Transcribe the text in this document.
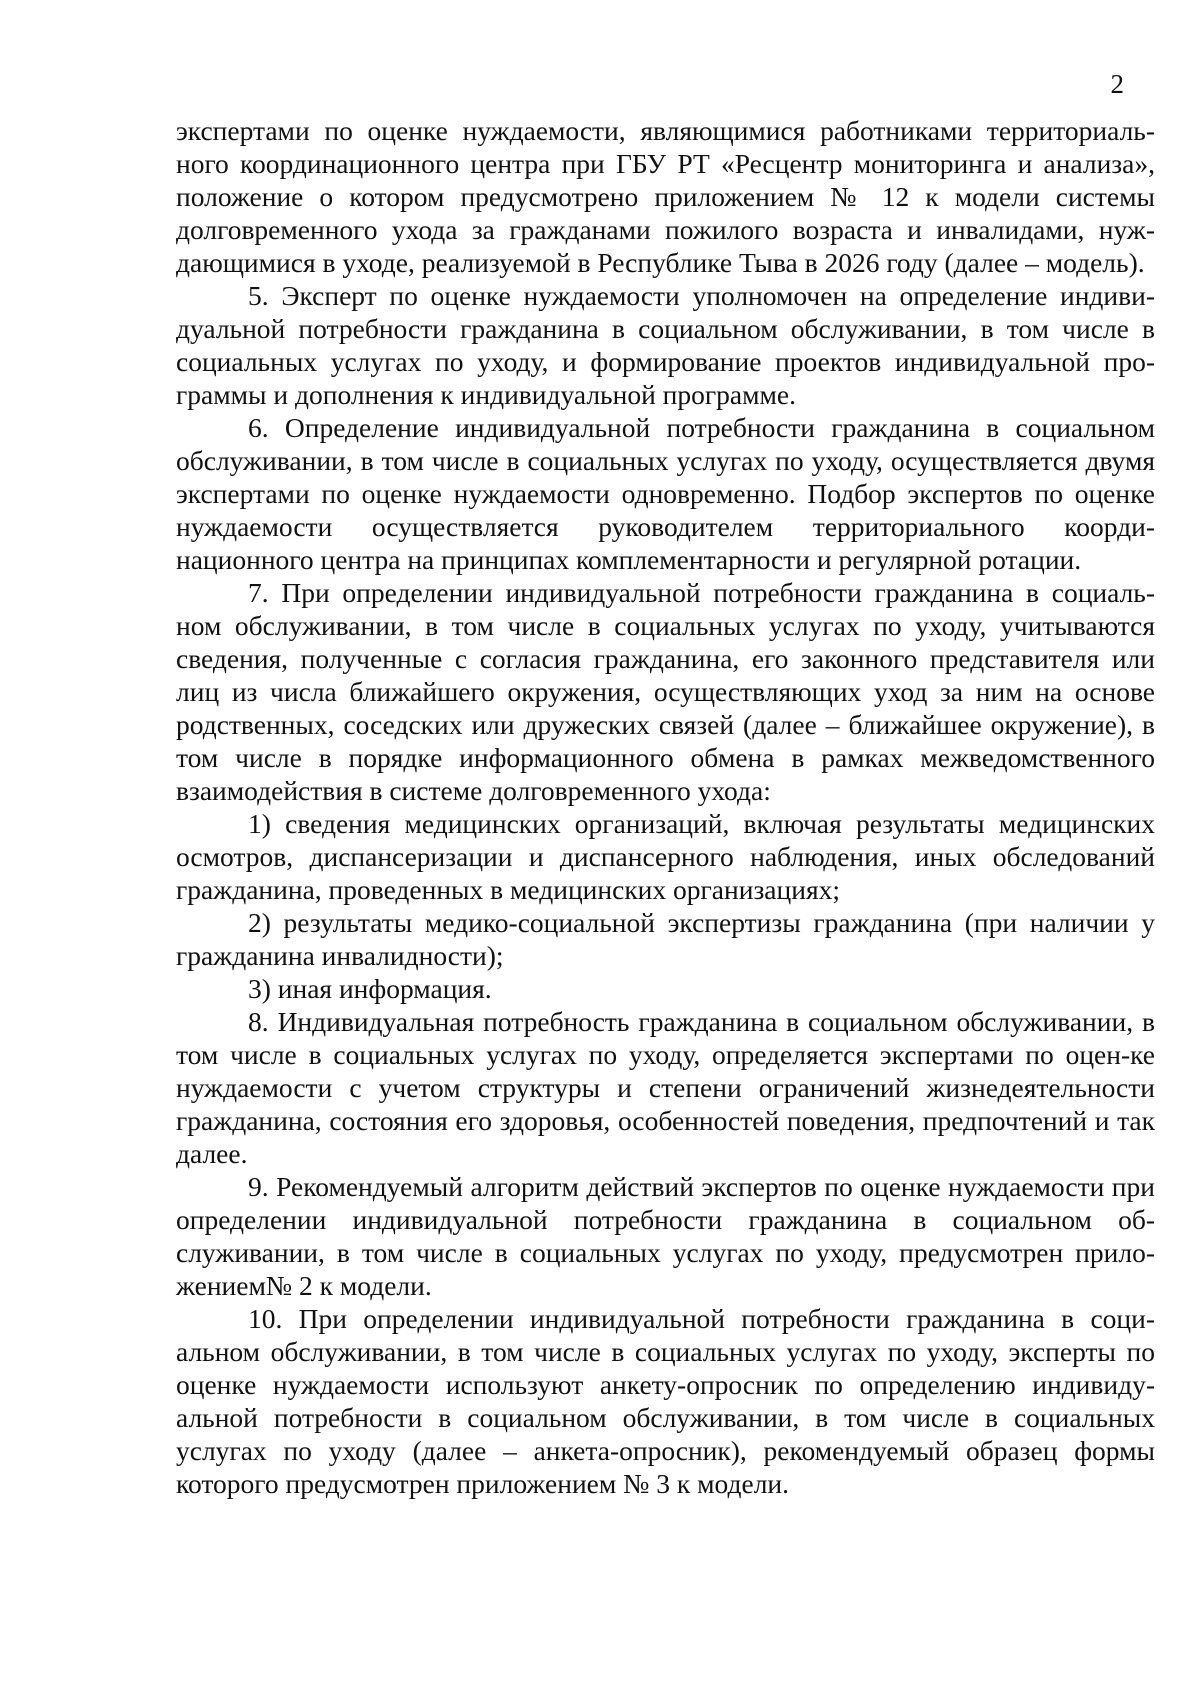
2

экспертами по оценке нуждаемости, являющимися работниками территориаль-ного координационного центра при ГБУ РТ «Ресцентр мониторинга и анализа», положение о котором предусмотрено приложением № 12 к модели системы долговременного ухода за гражданами пожилого возраста и инвалидами, нуж-дающимися в уходе, реализуемой в Республике Тыва в 2026 году (далее – модель).

5. Эксперт по оценке нуждаемости уполномочен на определение индиви-дуальной потребности гражданина в социальном обслуживании, в том числе в социальных услугах по уходу, и формирование проектов индивидуальной про-граммы и дополнения к индивидуальной программе.

6. Определение индивидуальной потребности гражданина в социальном обслуживании, в том числе в социальных услугах по уходу, осуществляется двумя экспертами по оценке нуждаемости одновременно. Подбор экспертов по оценке нуждаемости осуществляется руководителем территориального коорди-национного центра на принципах комплементарности и регулярной ротации.

7. При определении индивидуальной потребности гражданина в социаль-ном обслуживании, в том числе в социальных услугах по уходу, учитываются сведения, полученные с согласия гражданина, его законного представителя или лиц из числа ближайшего окружения, осуществляющих уход за ним на основе родственных, соседских или дружеских связей (далее – ближайшее окружение), в том числе в порядке информационного обмена в рамках межведомственного взаимодействия в системе долговременного ухода:

1) сведения медицинских организаций, включая результаты медицинских осмотров, диспансеризации и диспансерного наблюдения, иных обследований гражданина, проведенных в медицинских организациях;

2) результаты медико-социальной экспертизы гражданина (при наличии у гражданина инвалидности);

3) иная информация.

8. Индивидуальная потребность гражданина в социальном обслуживании, в том числе в социальных услугах по уходу, определяется экспертами по оцен-ке нуждаемости с учетом структуры и степени ограничений жизнедеятельности гражданина, состояния его здоровья, особенностей поведения, предпочтений и так далее.

9. Рекомендуемый алгоритм действий экспертов по оценке нуждаемости при определении индивидуальной потребности гражданина в социальном об-служивании, в том числе в социальных услугах по уходу, предусмотрен прило-жением№ 2 к модели.

10. При определении индивидуальной потребности гражданина в соци-альном обслуживании, в том числе в социальных услугах по уходу, эксперты по оценке нуждаемости используют анкету-опросник по определению индивиду-альной потребности в социальном обслуживании, в том числе в социальных услугах по уходу (далее – анкета-опросник), рекомендуемый образец формы которого предусмотрен приложением № 3 к модели.
